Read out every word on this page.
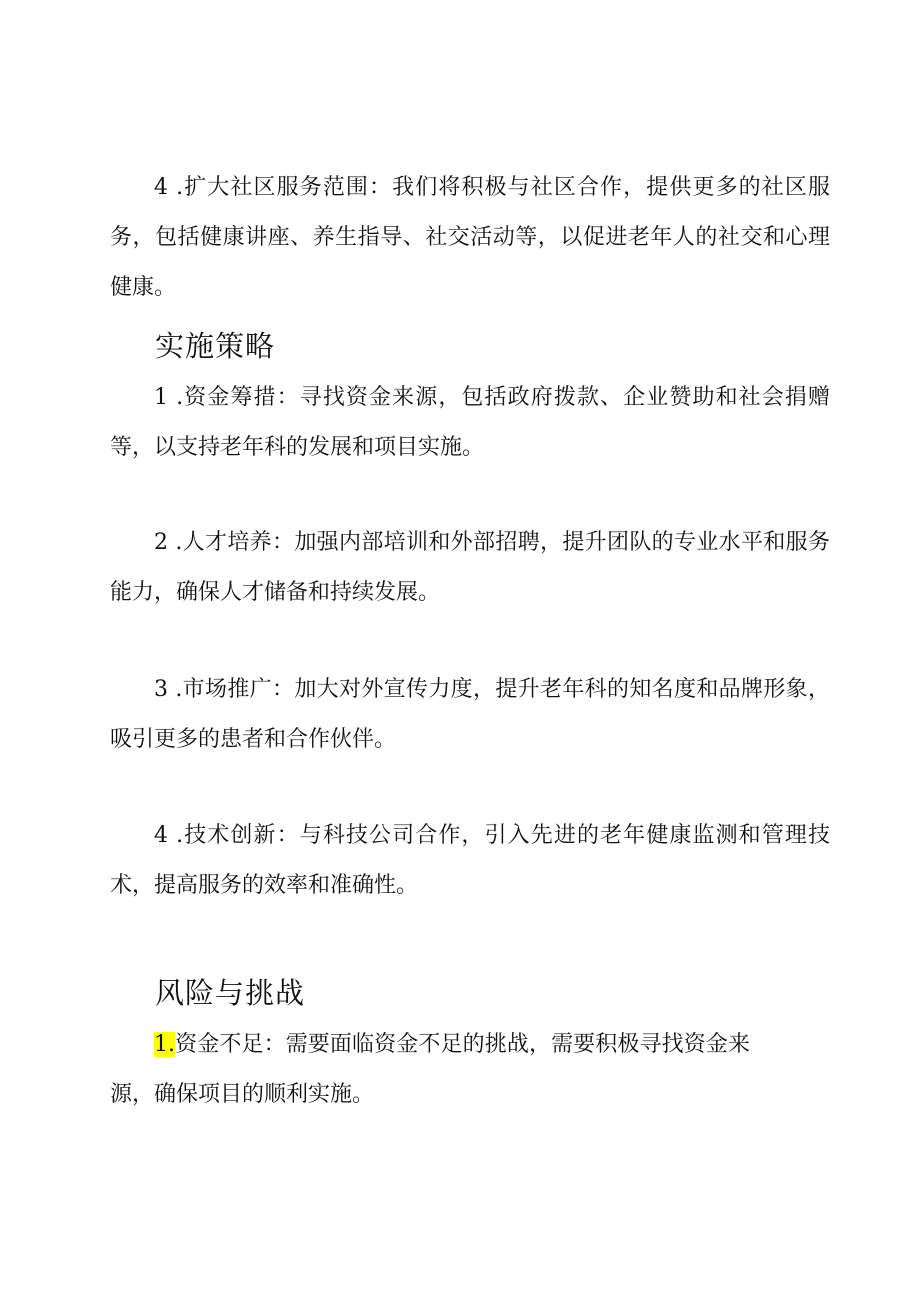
4 .扩大社区服务范围：我们将积极与社区合作，提供更多的社区服务，包括健康讲座、养生指导、社交活动等，以促进老年人的社交和心理健康。

实施策略

1 .资金筹措：寻找资金来源，包括政府拨款、企业赞助和社会捐赠等，以支持老年科的发展和项目实施。

2 .人才培养：加强内部培训和外部招聘，提升团队的专业水平和服务能力，确保人才储备和持续发展。

3 .市场推广：加大对外宣传力度，提升老年科的知名度和品牌形象，吸引更多的患者和合作伙伴。

4 .技术创新：与科技公司合作，引入先进的老年健康监测和管理技术，提高服务的效率和准确性。

风险与挑战

1.资金不足：需要面临资金不足的挑战，需要积极寻找资金来源，确保项目的顺利实施。
